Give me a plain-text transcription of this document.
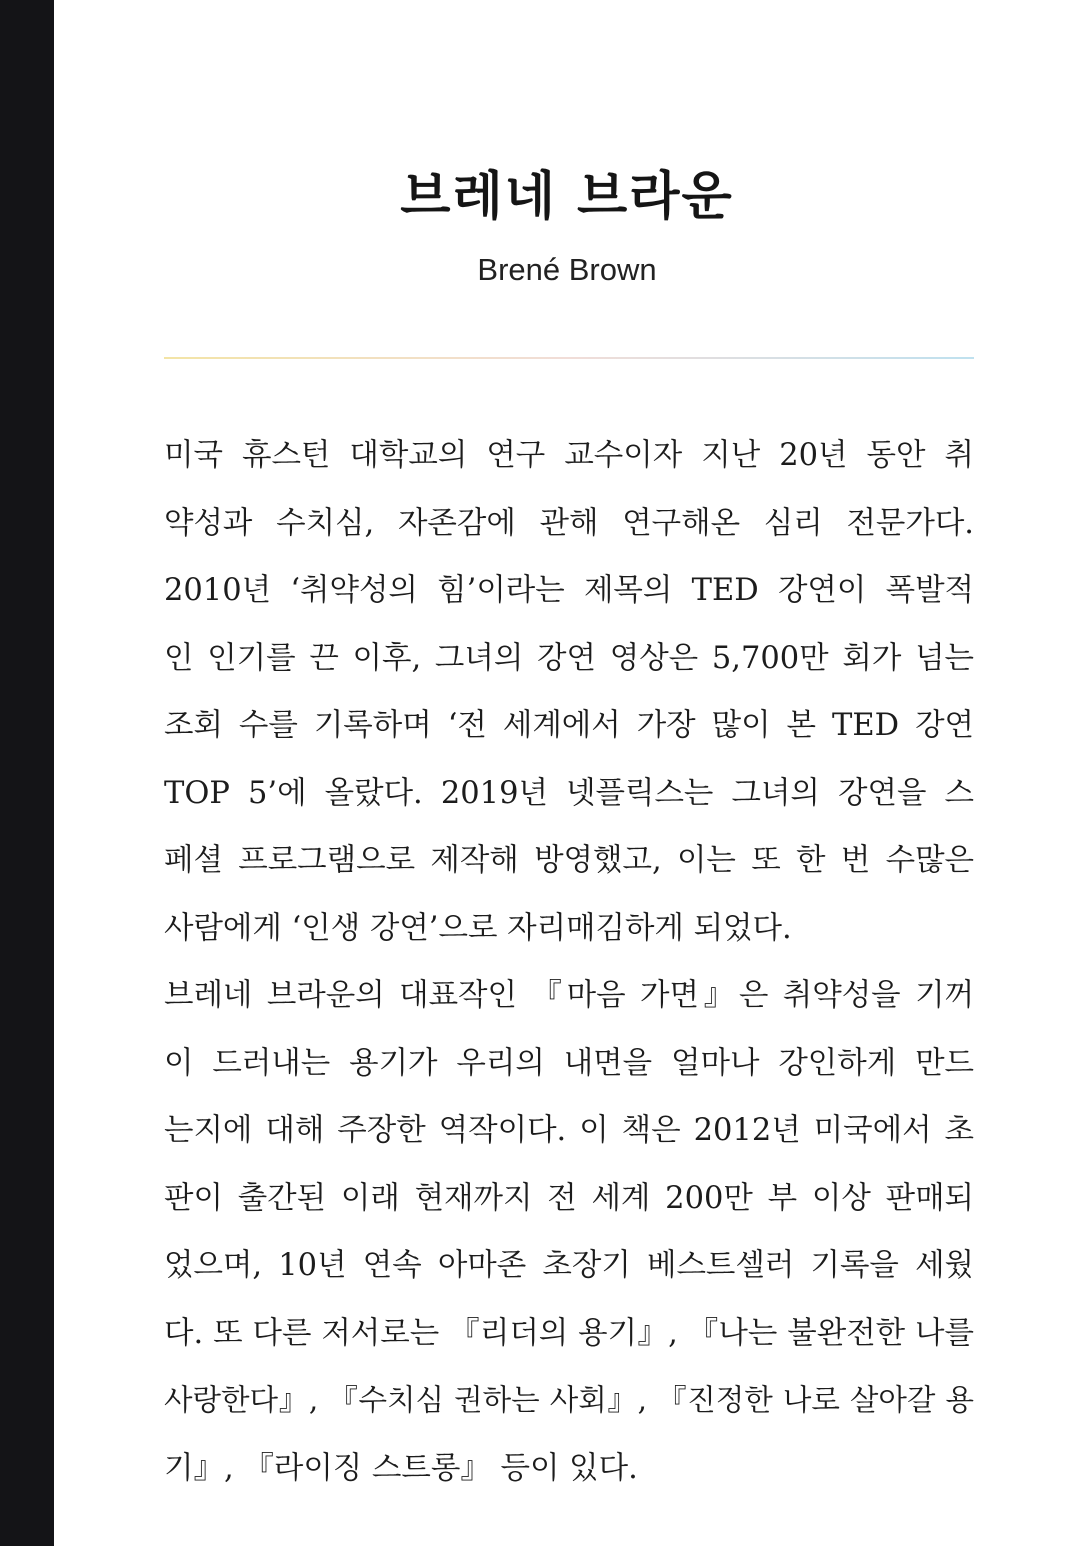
브레네 브라운
Brené Brown

미국 휴스턴 대학교의 연구 교수이자 지난 20년 동안 취

약성과 수치심, 자존감에 관해 연구해온 심리 전문가다.

2010년 ‘취약성의 힘’이라는 제목의 TED 강연이 폭발적

인 인기를 끈 이후, 그녀의 강연 영상은 5,700만 회가 넘는

조회 수를 기록하며 ‘전 세계에서 가장 많이 본 TED 강연

TOP 5’에 올랐다. 2019년 넷플릭스는 그녀의 강연을 스

페셜 프로그램으로 제작해 방영했고, 이는 또 한 번 수많은

사람에게 ‘인생 강연’으로 자리매김하게 되었다.

브레네 브라운의 대표작인 『마음 가면』은 취약성을 기꺼

이 드러내는 용기가 우리의 내면을 얼마나 강인하게 만드

는지에 대해 주장한 역작이다. 이 책은 2012년 미국에서 초

판이 출간된 이래 현재까지 전 세계 200만 부 이상 판매되

었으며, 10년 연속 아마존 초장기 베스트셀러 기록을 세웠

다. 또 다른 저서로는 『리더의 용기』, 『나는 불완전한 나를

사랑한다』, 『수치심 권하는 사회』, 『진정한 나로 살아갈 용

기』, 『라이징 스트롱』 등이 있다.
